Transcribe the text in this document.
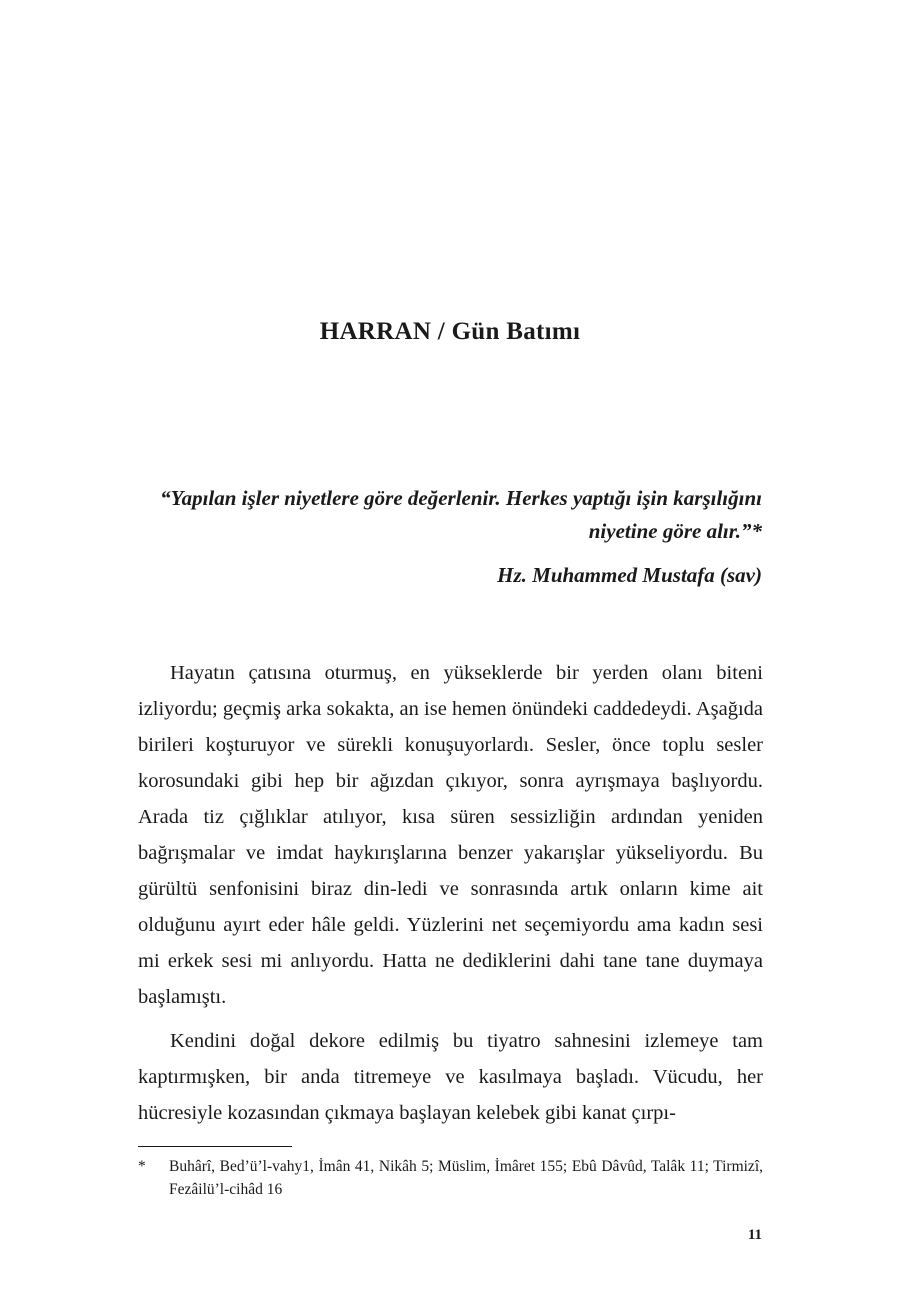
HARRAN / Gün Batımı
“Yapılan işler niyetlere göre değerlenir. Herkes yaptığı işin karşılığını niyetine göre alır.”*
Hz. Muhammed Mustafa (sav)

Hayatın çatısına oturmuş, en yükseklerde bir yerden olanı biteni izliyordu; geçmiş arka sokakta, an ise hemen önündeki caddedeydi. Aşağıda birileri koşturuyor ve sürekli konuşuyorlardı. Sesler, önce toplu sesler korosundaki gibi hep bir ağızdan çıkıyor, sonra ayrışmaya başlıyordu. Arada tiz çığlıklar atılıyor, kısa süren sessizliğin ardından yeniden bağrışmalar ve imdat haykırışlarına benzer yakarışlar yükseliyordu. Bu gürültü senfonisini biraz din-ledi ve sonrasında artık onların kime ait olduğunu ayırt eder hâle geldi. Yüzlerini net seçemiyordu ama kadın sesi mi erkek sesi mi anlıyordu. Hatta ne dediklerini dahi tane tane duymaya başlamıştı.

Kendini doğal dekore edilmiş bu tiyatro sahnesini izlemeye tam kaptırmışken, bir anda titremeye ve kasılmaya başladı. Vücudu, her hücresiyle kozasından çıkmaya başlayan kelebek gibi kanat çırpı-

* Buhârî, Bed’ü’l-vahy1, İmân 41, Nikâh 5; Müslim, İmâret 155; Ebû Dâvûd, Talâk 11; Tirmizî, Fezâilü’l-cihâd 16
11
